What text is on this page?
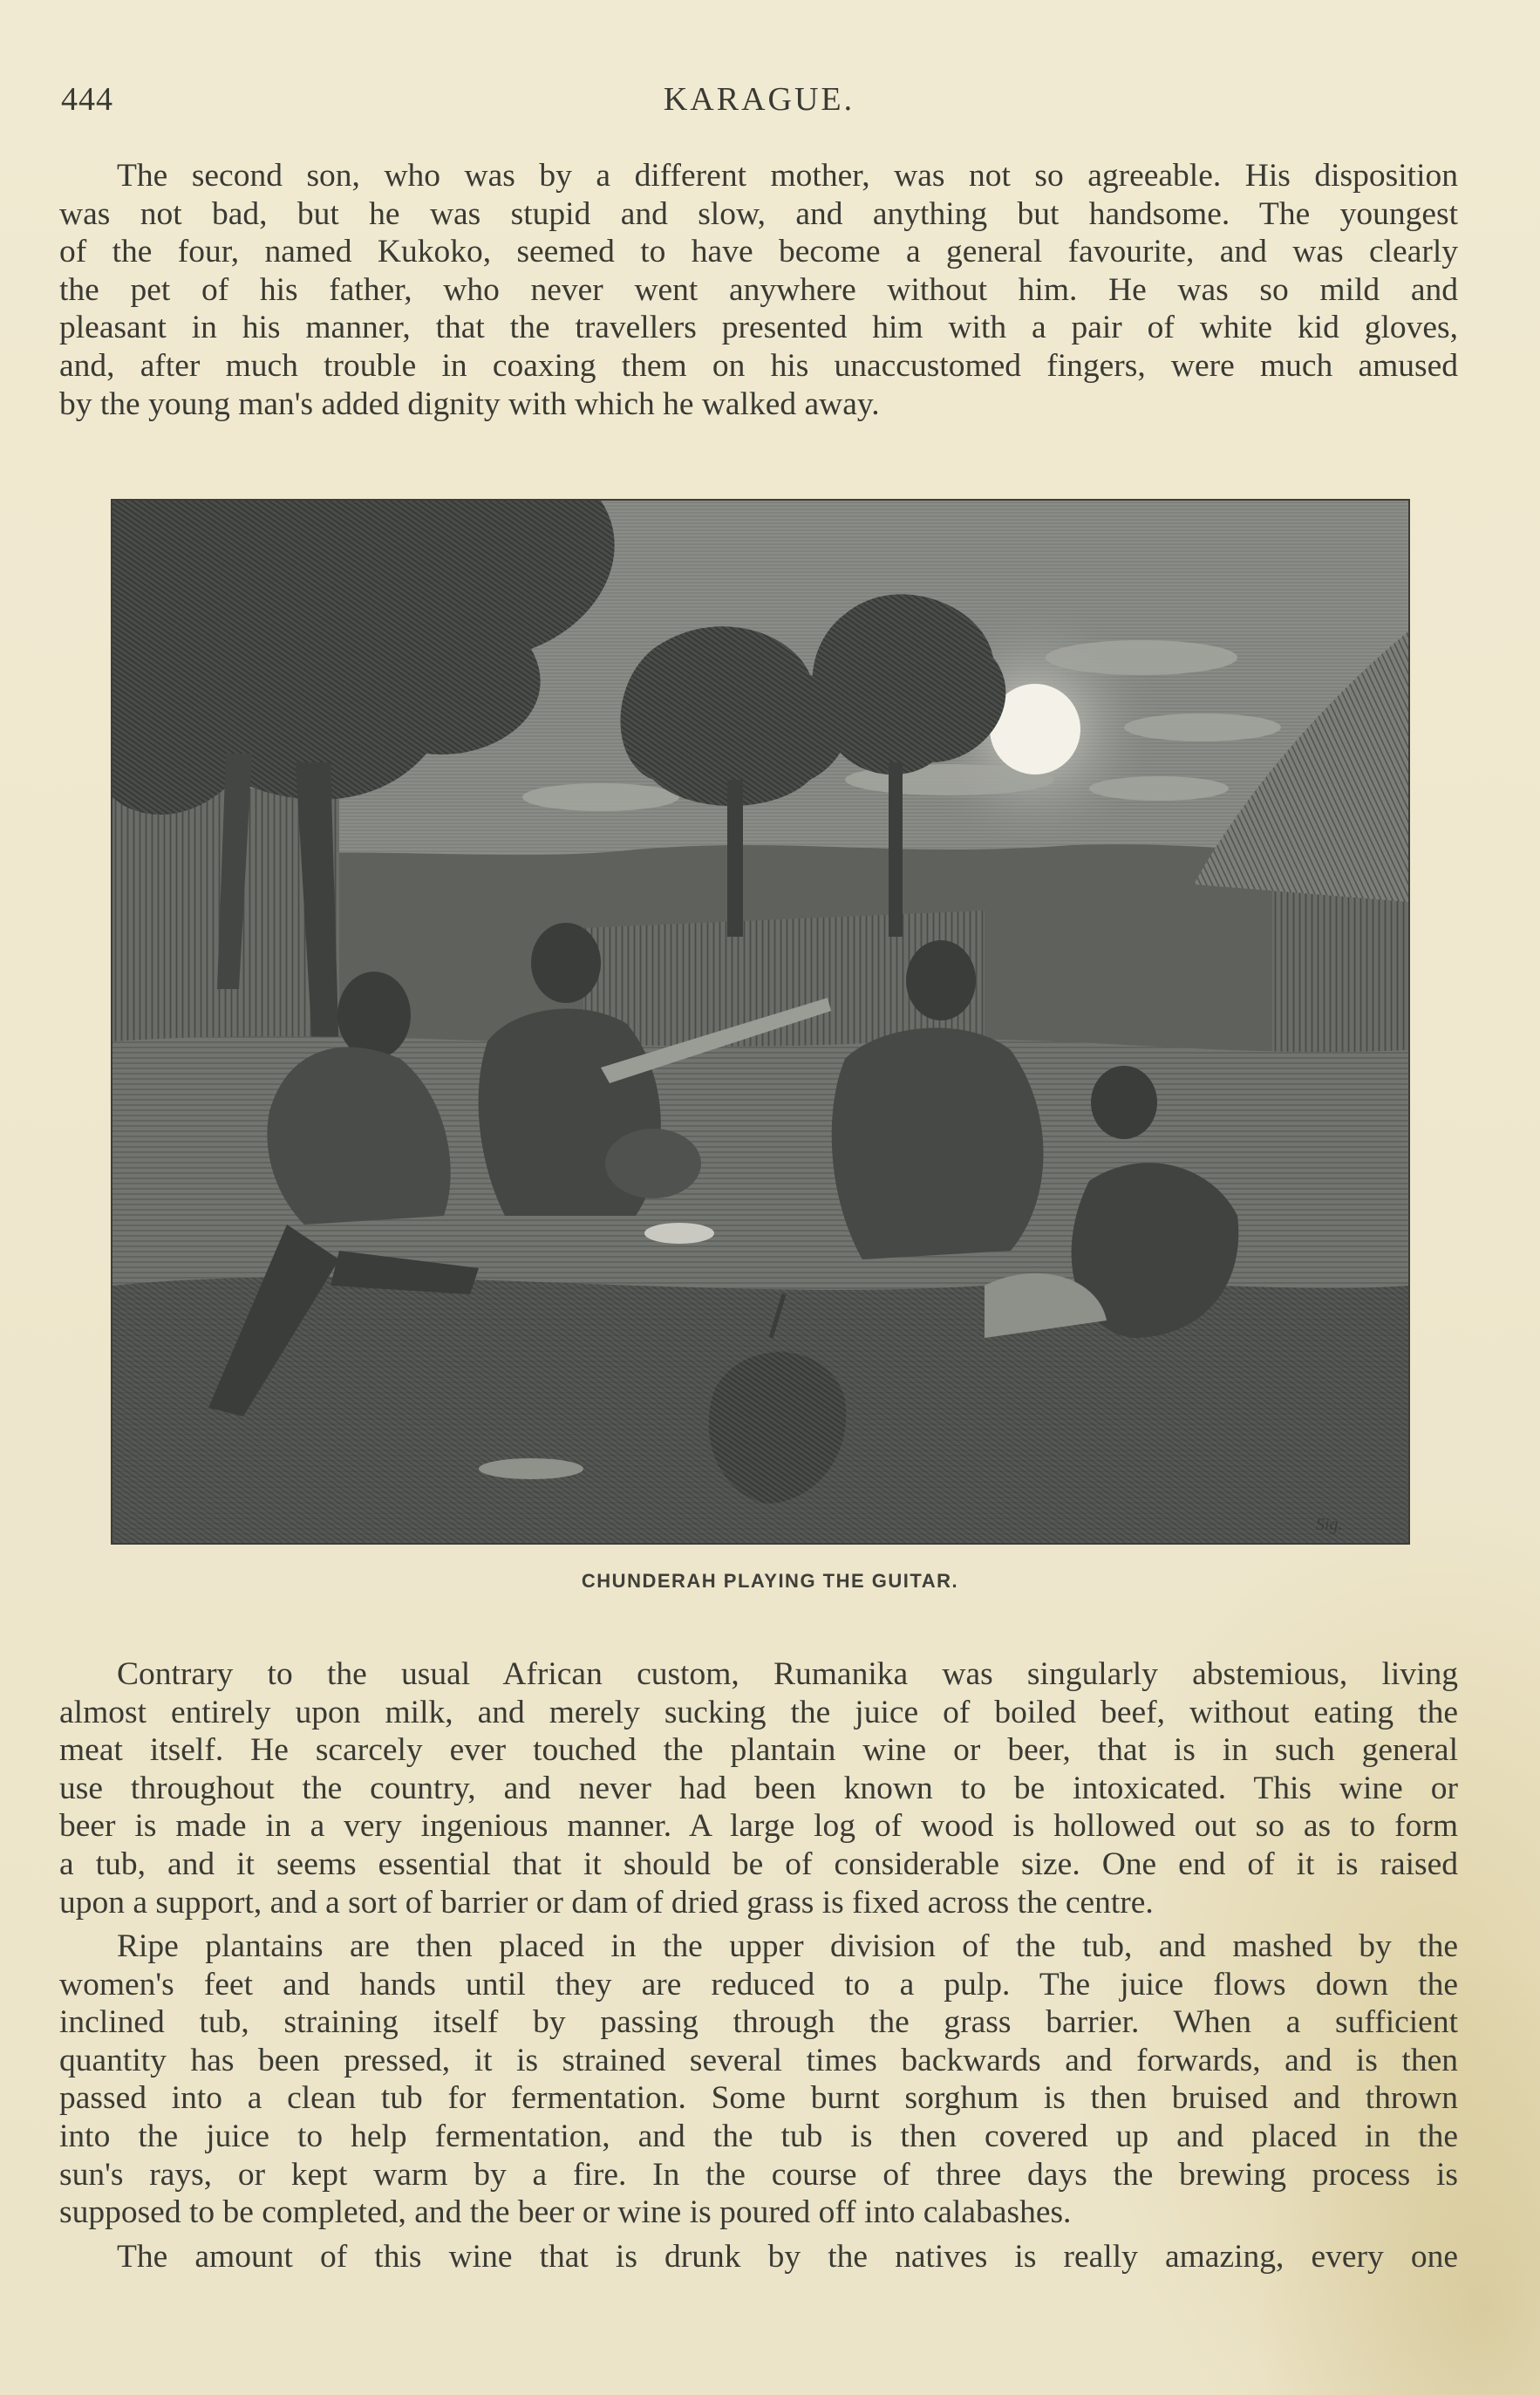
444	KARAGUE.
The second son, who was by a different mother, was not so agreeable. His disposition
was not bad, but he was stupid and slow, and anything but handsome. The youngest
of the four, named Kukoko, seemed to have become a general favourite, and was clearly
the pet of his father, who never went anywhere without him. He was so mild and
pleasant in his manner, that the travellers presented him with a pair of white kid gloves,
and, after much trouble in coaxing them on his unaccustomed fingers, were much amused
by the young man's added dignity with which he walked away.
Sig.
CHUNDERAH PLAYING THE GUITAR.
Contrary to the usual African custom, Rumanika was singularly abstemious, living
almost entirely upon milk, and merely sucking the juice of boiled beef, without eating the
meat itself. He scarcely ever touched the plantain wine or beer, that is in such general
use throughout the country, and never had been known to be intoxicated. This wine or
beer is made in a very ingenious manner. A large log of wood is hollowed out so as to form
a tub, and it seems essential that it should be of considerable size. One end of it is raised
upon a support, and a sort of barrier or dam of dried grass is fixed across the centre.
Ripe plantains are then placed in the upper division of the tub, and mashed by the
women's feet and hands until they are reduced to a pulp. The juice flows down the
inclined tub, straining itself by passing through the grass barrier. When a sufficient
quantity has been pressed, it is strained several times backwards and forwards, and is then
passed into a clean tub for fermentation. Some burnt sorghum is then bruised and thrown
into the juice to help fermentation, and the tub is then covered up and placed in the
sun's rays, or kept warm by a fire. In the course of three days the brewing process is
supposed to be completed, and the beer or wine is poured off into calabashes.
The amount of this wine that is drunk by the natives is really amazing, every one
